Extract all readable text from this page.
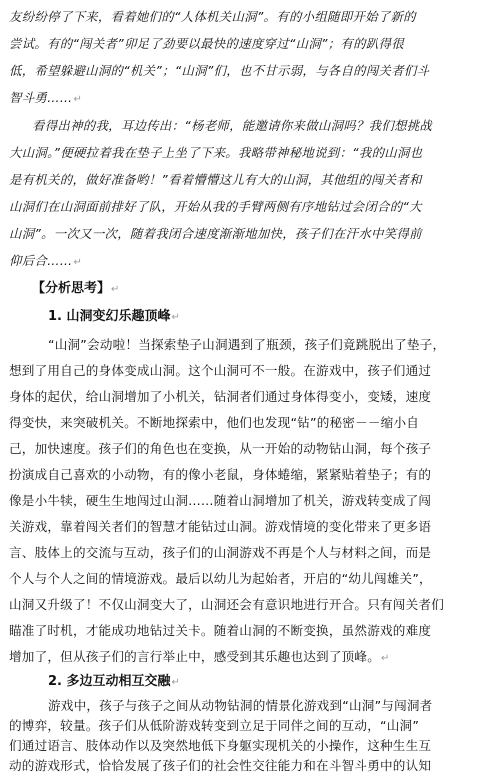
友纷纷停了下来，看着她们的“人体机关山洞”。有的小组随即开始了新的
尝试。有的“闯关者”卯足了劲要以最快的速度穿过“山洞”；有的趴得很
低，希望躲避山洞的“机关”；“山洞”们，也不甘示弱，与各自的闯关者们斗
智斗勇……↵
看得出神的我，耳边传出：“杨老师，能邀请你来做山洞吗？我们想挑战
大山洞。”便硬拉着我在垫子上坐了下来。我略带神秘地说到：“我的山洞也
是有机关的，做好准备哟！”看着懵懵这儿有大的山洞，其他组的闯关者和
山洞们在山洞面前排好了队，开始从我的手臂两侧有序地钻过会闭合的“大
山洞”。一次又一次，随着我闭合速度渐渐地加快，孩子们在汗水中笑得前
仰后合……↵
【分析思考】↵
1. 山洞变幻乐趣顶峰↵
“山洞”会动啦！当探索垫子山洞遇到了瓶颈，孩子们竟跳脱出了垫子，
想到了用自己的身体变成山洞。这个山洞可不一般。在游戏中，孩子们通过
身体的起伏，给山洞增加了小机关，钻洞者们通过身体得变小，变矮，速度
得变快，来突破机关。不断地探索中，他们也发现“钻”的秘密－－缩小自
己，加快速度。孩子们的角色也在变换，从一开始的动物钻山洞，每个孩子
扮演成自己喜欢的小动物，有的像小老鼠，身体蜷缩，紧紧贴着垫子；有的
像是小牛犊，硬生生地闯过山洞……随着山洞增加了机关，游戏转变成了闯
关游戏，靠着闯关者们的智慧才能钻过山洞。游戏情境的变化带来了更多语
言、肢体上的交流与互动，孩子们的山洞游戏不再是个人与材料之间，而是
个人与个人之间的情境游戏。最后以幼儿为起始者，开启的“幼儿闯雄关”，
山洞又升级了！不仅山洞变大了，山洞还会有意识地进行开合。只有闯关者们
瞄准了时机，才能成功地钻过关卡。随着山洞的不断变换，虽然游戏的难度
增加了，但从孩子们的言行举止中，感受到其乐趣也达到了顶峰。↵
2. 多边互动相互交融↵
游戏中，孩子与孩子之间从动物钻洞的情景化游戏到“山洞”与闯洞者
的博弈，较量。孩子们从低阶游戏转变到立足于同伴之间的互动，“山洞”
们通过语言、肢体动作以及突然地低下身躯实现机关的小操作，这种生生互
动的游戏形式，恰恰发展了孩子们的社会性交往能力和在斗智斗勇中的认知
